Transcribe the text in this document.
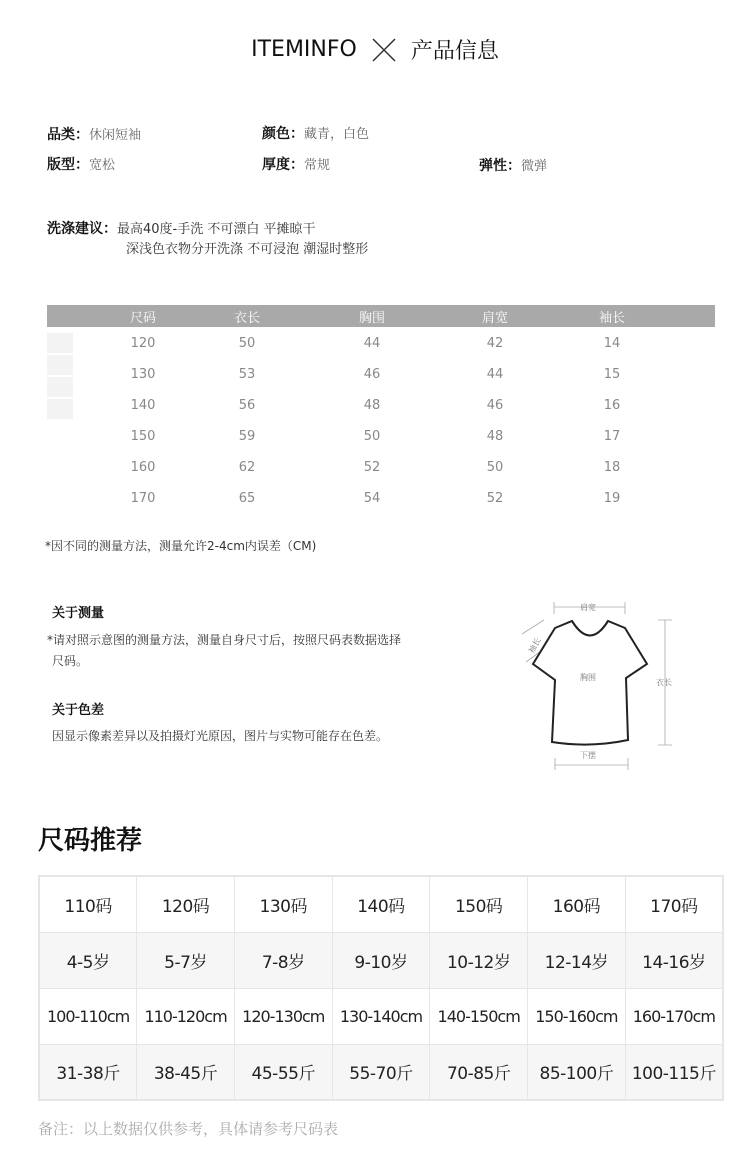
ITEMINFO 产品信息
品类：休闲短袖	颜色：藏青，白色
版型：宽松	厚度：常规	弹性：微弹
洗涤建议：最高40度-手洗 不可漂白 平摊晾干
深浅色衣物分开洗涤 不可浸泡 潮湿时整形
尺码	衣长	胸围	肩宽	袖长
120	50	44	42	14
130	53	46	44	15
140	56	48	46	16
150	59	50	48	17
160	62	52	50	18
170	65	54	52	19
*因不同的测量方法，测量允许2-4cm内误差（CM)
关于测量
*请对照示意图的测量方法，测量自身尺寸后，按照尺码表数据选择
尺码。
关于色差
因显示像素差异以及拍摄灯光原因，图片与实物可能存在色差。
肩宽
胸围
衣长
下摆
袖长
尺码推荐
110码	120码	130码	140码	150码	160码	170码
4-5岁	5-7岁	7-8岁	9-10岁	10-12岁	12-14岁	14-16岁
100-110cm	110-120cm	120-130cm	130-140cm	140-150cm	150-160cm	160-170cm
31-38斤	38-45斤	45-55斤	55-70斤	70-85斤	85-100斤	100-115斤
备注：以上数据仅供参考，具体请参考尺码表
